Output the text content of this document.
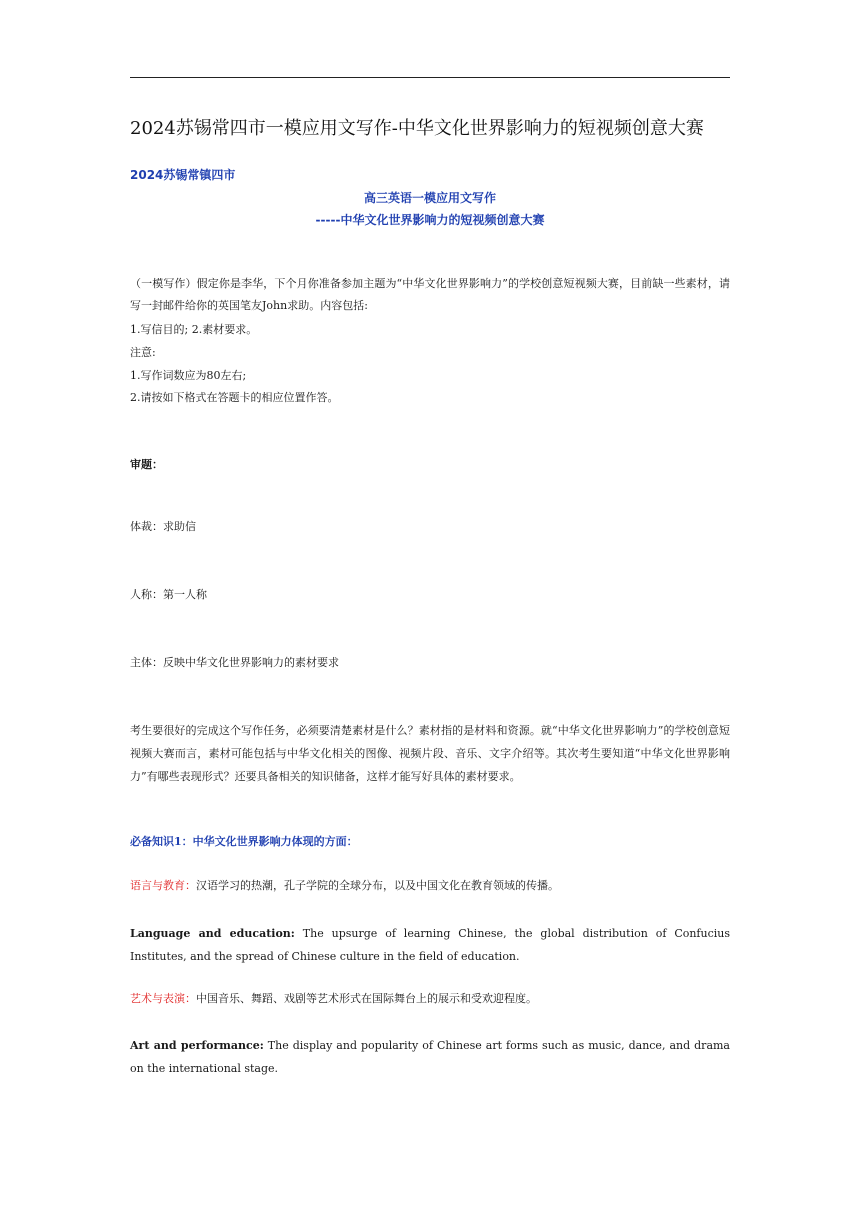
2024苏锡常四市一模应用文写作-中华文化世界影响力的短视频创意大赛
2024苏锡常镇四市
高三英语一模应用文写作
-----中华文化世界影响力的短视频创意大赛
（一模写作）假定你是李华，下个月你准备参加主题为“中华文化世界影响力”的学校创意短视频大赛，目前缺一些素材，请写一封邮件给你的英国笔友John求助。内容包括:
1.写信目的; 2.素材要求。
注意:
1.写作词数应为80左右;
2.请按如下格式在答题卡的相应位置作答。
审题：
体裁：求助信
人称：第一人称
主体：反映中华文化世界影响力的素材要求
考生要很好的完成这个写作任务，必须要清楚素材是什么？素材指的是材料和资源。就“中华文化世界影响力”的学校创意短视频大赛而言，素材可能包括与中华文化相关的图像、视频片段、音乐、文字介绍等。其次考生要知道“中华文化世界影响力”有哪些表现形式？还要具备相关的知识储备，这样才能写好具体的素材要求。
必备知识1：中华文化世界影响力体现的方面：
语言与教育：汉语学习的热潮，孔子学院的全球分布，以及中国文化在教育领域的传播。
Language and education: The upsurge of learning Chinese, the global distribution of Confucius Institutes, and the spread of Chinese culture in the field of education.
艺术与表演：中国音乐、舞蹈、戏剧等艺术形式在国际舞台上的展示和受欢迎程度。
Art and performance: The display and popularity of Chinese art forms such as music, dance, and drama on the international stage.
